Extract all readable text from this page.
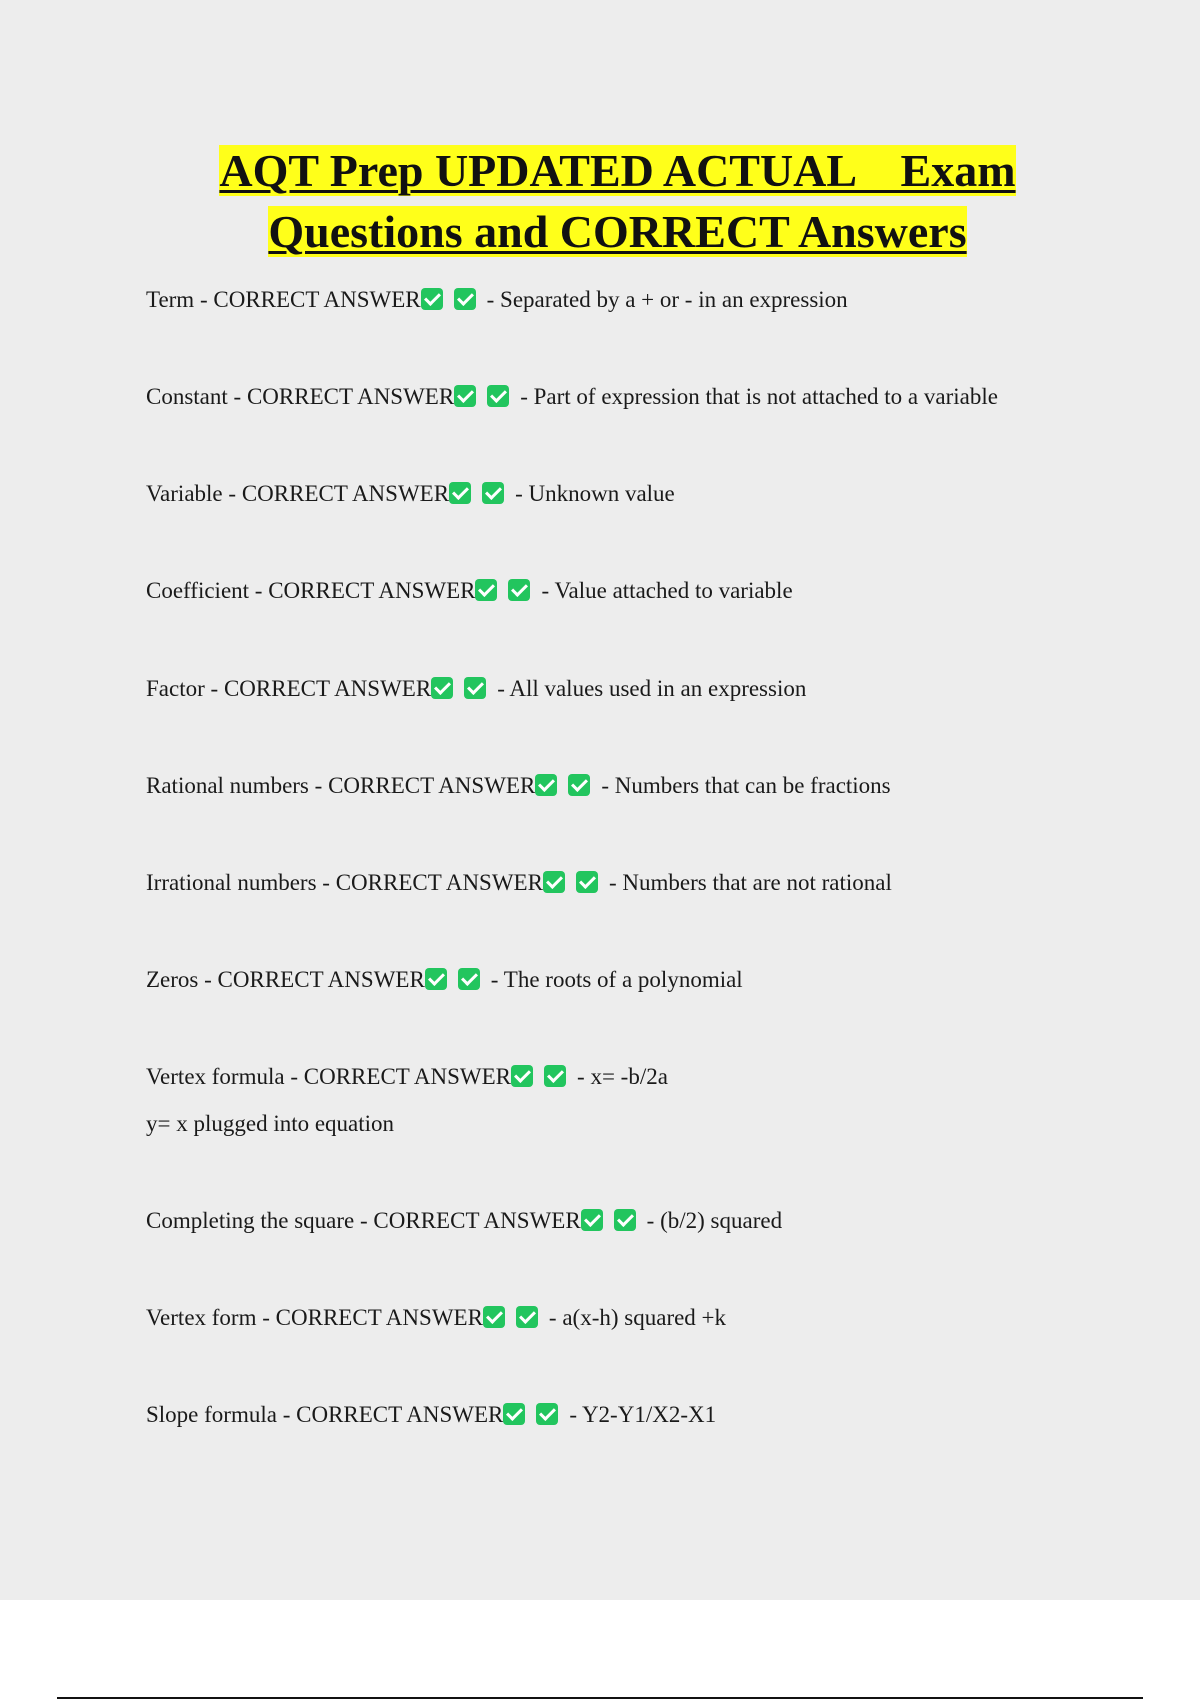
AQT Prep UPDATED ACTUAL    Exam
Questions and CORRECT Answers
Term - CORRECT ANSWER	- Separated by a + or - in an expression
Constant - CORRECT ANSWER	- Part of expression that is not attached to a variable
Variable - CORRECT ANSWER	- Unknown value
Coefficient - CORRECT ANSWER	- Value attached to variable
Factor - CORRECT ANSWER	- All values used in an expression
Rational numbers - CORRECT ANSWER	- Numbers that can be fractions
Irrational numbers - CORRECT ANSWER	- Numbers that are not rational
Zeros - CORRECT ANSWER	- The roots of a polynomial
Vertex formula - CORRECT ANSWER	- x= -b/2a
y= x plugged into equation
Completing the square - CORRECT ANSWER	- (b/2) squared
Vertex form - CORRECT ANSWER	- a(x-h) squared +k
Slope formula - CORRECT ANSWER	- Y2-Y1/X2-X1
